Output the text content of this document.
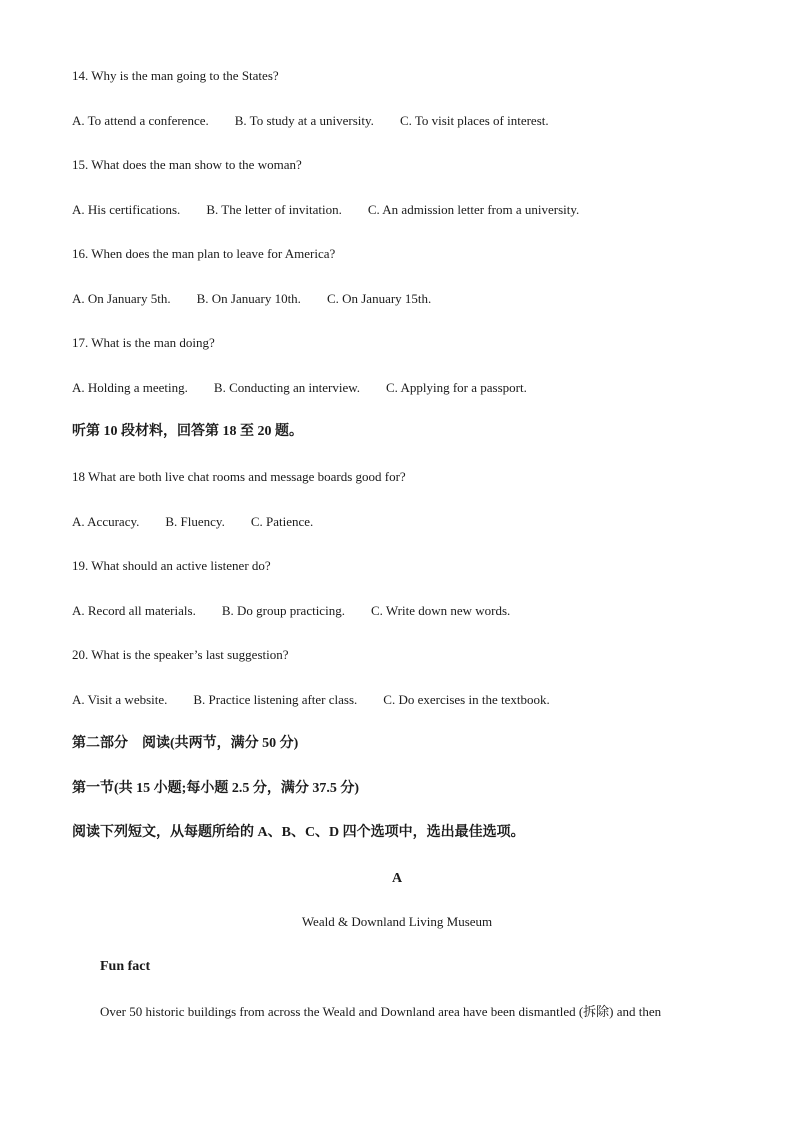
14. Why is the man going to the States?
A. To attend a conference. B. To study at a university. C. To visit places of interest.
15. What does the man show to the woman?
A. His certifications. B. The letter of invitation. C. An admission letter from a university.
16. When does the man plan to leave for America?
A. On January 5th. B. On January 10th. C. On January 15th.
17. What is the man doing?
A. Holding a meeting. B. Conducting an interview. C. Applying for a passport.
听第 10 段材料，回答第 18 至 20 题。
18 What are both live chat rooms and message boards good for?
A. Accuracy. B. Fluency. C. Patience.
19. What should an active listener do?
A. Record all materials. B. Do group practicing. C. Write down new words.
20. What is the speaker’s last suggestion?
A. Visit a website. B. Practice listening after class. C. Do exercises in the textbook.
第二部分　阅读(共两节，满分 50 分)
第一节(共 15 小题;每小题 2.5 分，满分 37.5 分)
阅读下列短文，从每题所给的 A、B、C、D 四个选项中，选出最佳选项。
A
Weald & Downland Living Museum
Fun fact
Over 50 historic buildings from across the Weald and Downland area have been dismantled (拆除) and then
